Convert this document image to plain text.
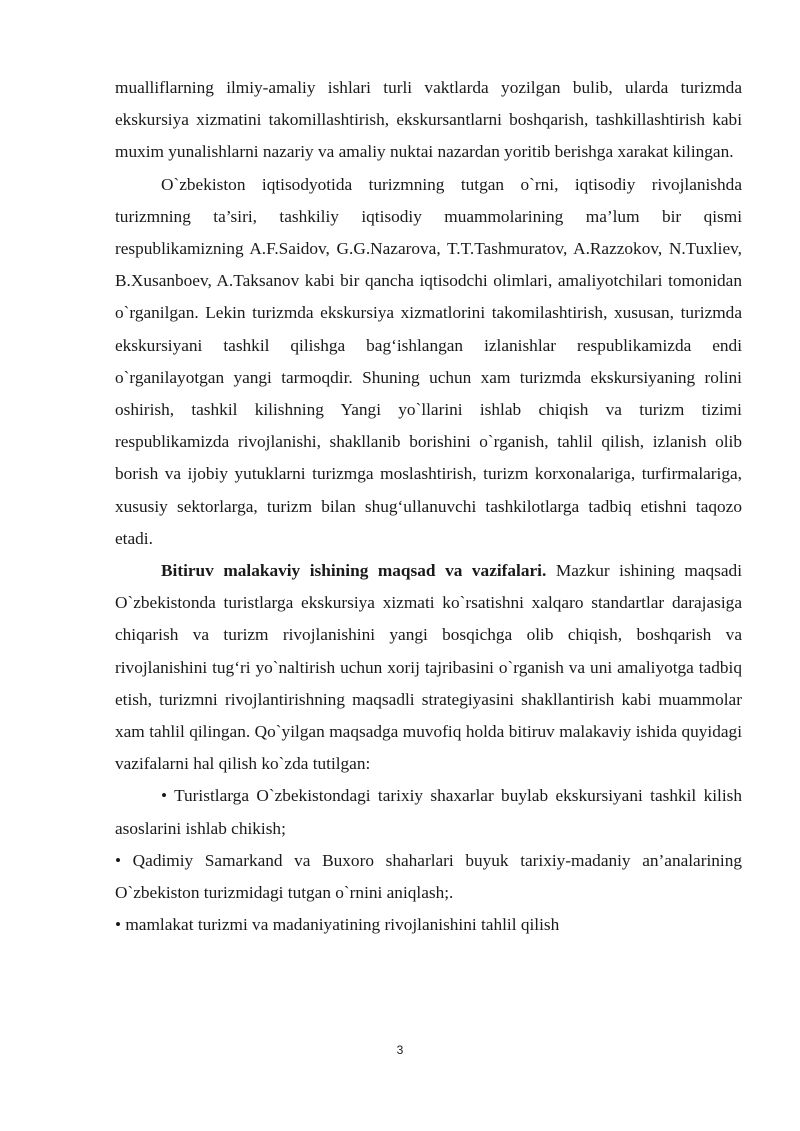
mualliflarning ilmiy-amaliy ishlari turli vaktlarda yozilgan bulib, ularda turizmda ekskursiya xizmatini takomillashtirish, ekskursantlarni boshqarish, tashkillashtirish kabi muxim yunalishlarni nazariy va amaliy nuktai nazardan yoritib berishga xarakat kilingan.

O`zbekiston iqtisodyotida turizmning tutgan o`rni, iqtisodiy rivojlanishda turizmning ta’siri, tashkiliy iqtisodiy muammolarining ma’lum bir qismi respublikamizning A.F.Saidov, G.G.Nazarova, T.T.Tashmuratov, A.Razzokov, N.Tuxliev, B.Xusanboev, A.Taksanov kabi bir qancha iqtisodchi olimlari, amaliyotchilari tomonidan o`rganilgan. Lekin turizmda ekskursiya xizmatlorini takomilashtirish, xususan, turizmda ekskursiyani tashkil qilishga bag‘ishlangan izlanishlar respublikamizda endi o`rganilayotgan yangi tarmoqdir. Shuning uchun xam turizmda ekskursiyaning rolini oshirish, tashkil kilishning Yangi yo`llarini ishlab chiqish va turizm tizimi respublikamizda rivojlanishi, shakllanib borishini o`rganish, tahlil qilish, izlanish olib borish va ijobiy yutuklarni turizmga moslashtirish, turizm korxonalariga, turfirmalariga, xususiy sektorlarga, turizm bilan shug‘ullanuvchi tashkilotlarga tadbiq etishni taqozo etadi.

Bitiruv malakaviy ishining maqsad va vazifalari. Mazkur ishining maqsadi O`zbekistonda turistlarga ekskursiya xizmati ko`rsatishni xalqaro standartlar darajasiga chiqarish va turizm rivojlanishini yangi bosqichga olib chiqish, boshqarish va rivojlanishini tug‘ri yo`naltirish uchun xorij tajribasini o`rganish va uni amaliyotga tadbiq etish, turizmni rivojlantirishning maqsadli strategiyasini shakllantirish kabi muammolar xam tahlil qilingan. Qo`yilgan maqsadga muvofiq holda bitiruv malakaviy ishida quyidagi vazifalarni hal qilish ko`zda tutilgan:

• Turistlarga O`zbekistondagi tarixiy shaxarlar buylab ekskursiyani tashkil kilish asoslarini ishlab chikish;

• Qadimiy Samarkand va Buxoro shaharlari buyuk tarixiy-madaniy an’analarining O`zbekiston turizmidagi tutgan o`rnini aniqlash;.

• mamlakat turizmi va madaniyatining rivojlanishini tahlil qilish

3
